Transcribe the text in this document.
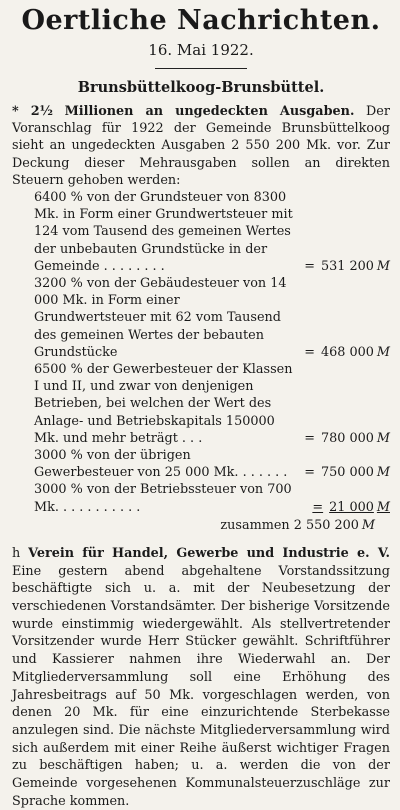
Oertliche Nachrichten.
16. Mai 1922.
Brunsbüttelkoog-Brunsbüttel.

* 2½ Millionen an ungedeckten Ausgaben. Der Voranschlag für 1922 der Gemeinde Brunsbüttelkoog sieht an ungedeckten Ausgaben 2 550 200 Mk. vor. Zur Deckung dieser Mehrausgaben sollen an direkten Steuern gehoben werden:

6400 % von der Grundsteuer von 8300 Mk. in Form einer Grundwertsteuer mit 124 vom Tausend des gemeinen Wertes der unbebauten Grundstücke in der Gemeinde . . . . . . . .	= 531 200 M
3200 % von der Gebäudesteuer von 14 000 Mk. in Form einer Grundwertsteuer mit 62 vom Tausend des gemeinen Wertes der bebauten Grundstücke	= 468 000 M
6500 % der Gewerbesteuer der Klassen I und II, und zwar von denjenigen Betrieben, bei welchen der Wert des Anlage- und Betriebskapitals 150000 Mk. und mehr beträgt . . .	= 780 000 M
3000 % von der übrigen Gewerbesteuer von 25 000 Mk. . . . . . .	= 750 000 M
3000 % von der Betriebssteuer von 700 Mk. . . . . . . . . . .	= 21 000 M
zusammen 2 550 200 M

h Verein für Handel, Gewerbe und Industrie e. V. Eine gestern abend abgehaltene Vorstandssitzung beschäftigte sich u. a. mit der Neubesetzung der verschiedenen Vorstandsämter. Der bisherige Vorsitzende wurde einstimmig wiedergewählt. Als stellvertretender Vorsitzender wurde Herr Stücker gewählt. Schriftführer und Kassierer nahmen ihre Wiederwahl an. Der Mitgliederversammlung soll eine Erhöhung des Jahresbeitrags auf 50 Mk. vorgeschlagen werden, von denen 20 Mk. für eine einzurichtende Sterbekasse anzulegen sind. Die nächste Mitgliederversammlung wird sich außerdem mit einer Reihe äußerst wichtiger Fragen zu beschäftigen haben; u. a. werden die von der Gemeinde vorgesehenen Kommunalsteuerzuschläge zur Sprache kommen.
